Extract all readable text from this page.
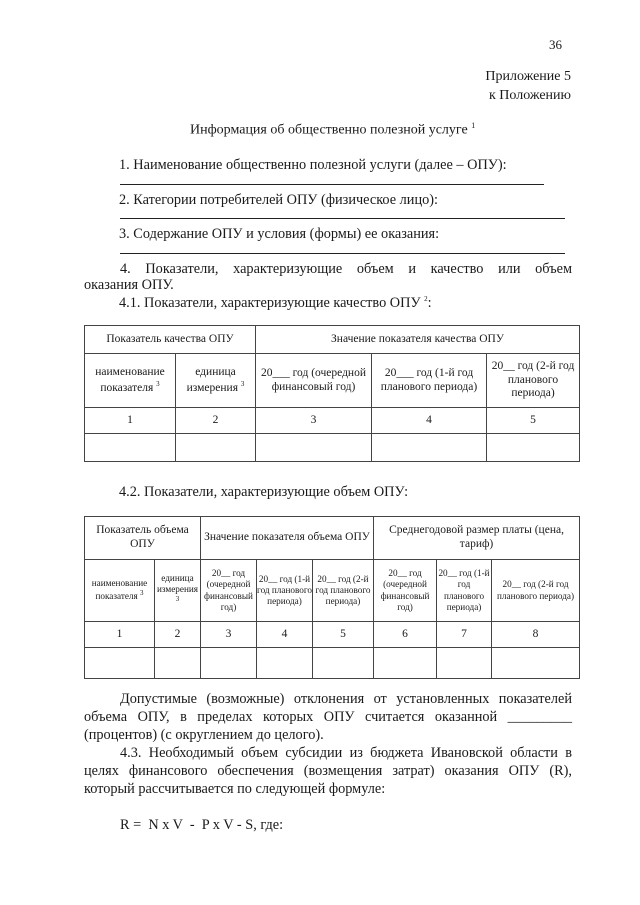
36
Приложение 5
к Положению
Информация об общественно полезной услуге $^1$
1. Наименование общественно полезной услуги (далее – ОПУ):
2. Категории потребителей ОПУ (физическое лицо):
3. Содержание ОПУ и условия (формы) ее оказания:
4. Показатели, характеризующие объем и качество или объем
оказания ОПУ.
4.1. Показатели, характеризующие качество ОПУ $^2$:
Показатель качества ОПУ		Значение показателя качества ОПУ		
наименование показателя $^3$	единица измерения $^3$	20___ год (очередной финансовый год)	20___ год (1-й год планового периода)	20__ год (2-й год планового периода)
1	2	3	4	5

4.2. Показатели, характеризующие объем ОПУ:
Показатель объема ОПУ		Значение показателя объема ОПУ			Среднегодовой размер платы (цена, тариф)		
наименование показателя $^3$	единица измерения $^3$	20__ год (очередной финансовый год)	20__ год (1-й год планового периода)	20__ год (2-й год планового периода)	20__ год (очередной финансовый год)	20__ год (1-й год планового периода)	20__ год (2-й год планового периода)
1	2	3	4	5	6	7	8

Допустимые (возможные) отклонения от установленных показателей
объема ОПУ, в пределах которых ОПУ считается оказанной _________
(процентов) (с округлением до целого).
4.3. Необходимый объем субсидии из бюджета Ивановской области в
целях финансового обеспечения (возмещения затрат) оказания ОПУ (R),
который рассчитывается по следующей формуле:
R =  N x V  -  P x V - S, где:
